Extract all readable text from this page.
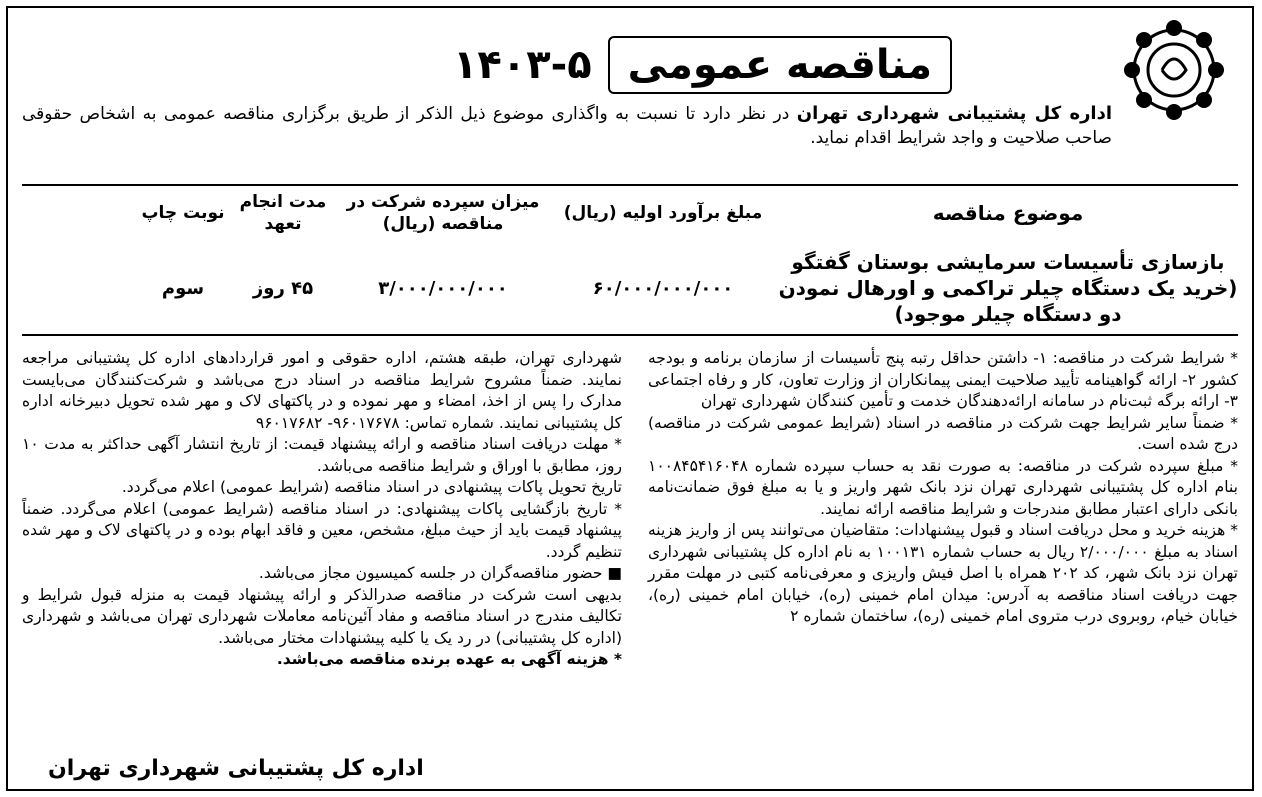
مناقصه عمومی
۱۴۰۳-۵
اداره کل پشتیبانی شهرداری تهران در نظر دارد تا نسبت به واگذاری موضوع ذیل الذکر از طریق برگزاری مناقصه عمومی به اشخاص حقوقی صاحب صلاحیت و واجد شرایط اقدام نماید.
موضوع مناقصه
مبلغ برآورد اولیه (ریال)
میزان سپرده شرکت در مناقصه (ریال)
مدت انجام تعهد
نوبت چاپ
بازسازی تأسیسات سرمایشی بوستان گفتگو (خرید یک دستگاه چیلر تراکمی و اورهال نمودن دو دستگاه چیلر موجود)
۶۰/۰۰۰/۰۰۰/۰۰۰
۳/۰۰۰/۰۰۰/۰۰۰
۴۵ روز
سوم

* شرایط شرکت در مناقصه: ۱- داشتن حداقل رتبه پنج تأسیسات از سازمان برنامه و بودجه کشور ۲- ارائه گواهینامه تأیید صلاحیت ایمنی پیمانکاران از وزارت تعاون، کار و رفاه اجتماعی ۳- ارائه برگه ثبت‌نام در سامانه ارائه‌دهندگان خدمت و تأمین کنندگان شهرداری تهران

* ضمناً سایر شرایط جهت شرکت در مناقصه در اسناد (شرایط عمومی شرکت در مناقصه) درج شده است.

* مبلغ سپرده شرکت در مناقصه: به صورت نقد به حساب سپرده شماره ۱۰۰۸۴۵۴۱۶۰۴۸ بنام اداره کل پشتیبانی شهرداری تهران نزد بانک شهر واریز و یا به مبلغ فوق ضمانت‌نامه بانکی دارای اعتبار مطابق مندرجات و شرایط مناقصه ارائه نمایند.

* هزینه خرید و محل دریافت اسناد و قبول پیشنهادات: متقاضیان می‌توانند پس از واریز هزینه اسناد به مبلغ ۲/۰۰۰/۰۰۰ ریال به حساب شماره ۱۰۰۱۳۱ به نام اداره کل پشتیبانی شهرداری تهران نزد بانک شهر، کد ۲۰۲ همراه با اصل فیش واریزی و معرفی‌نامه کتبی در مهلت مقرر جهت دریافت اسناد مناقصه به آدرس: میدان امام خمینی (ره)، خیابان امام خمینی (ره)، خیابان خیام، روبروی درب متروی امام خمینی (ره)، ساختمان شماره ۲

شهرداری تهران، طبقه هشتم، اداره حقوقی و امور قراردادهای اداره کل پشتیبانی مراجعه نمایند. ضمناً مشروح شرایط مناقصه در اسناد درج می‌باشد و شرکت‌کنندگان می‌بایست مدارک را پس از اخذ، امضاء و مهر نموده و در پاکتهای لاک و مهر شده تحویل دبیرخانه اداره کل پشتیبانی نمایند. شماره تماس: ۹۶۰۱۷۶۷۸- ۹۶۰۱۷۶۸۲

* مهلت دریافت اسناد مناقصه و ارائه پیشنهاد قیمت: از تاریخ انتشار آگهی حداکثر به مدت ۱۰ روز، مطابق با اوراق و شرایط مناقصه می‌باشد.

تاریخ تحویل پاکات پیشنهادی در اسناد مناقصه (شرایط عمومی) اعلام می‌گردد.

* تاریخ بازگشایی پاکات پیشنهادی: در اسناد مناقصه (شرایط عمومی) اعلام می‌گردد. ضمناً پیشنهاد قیمت باید از حیث مبلغ، مشخص، معین و فاقد ابهام بوده و در پاکتهای لاک و مهر شده تنظیم گردد.

■ حضور مناقصه‌گران در جلسه کمیسیون مجاز می‌باشد.

بدیهی است شرکت در مناقصه صدرالذکر و ارائه پیشنهاد قیمت به منزله قبول شرایط و تکالیف مندرج در اسناد مناقصه و مفاد آئین‌نامه معاملات شهرداری تهران می‌باشد و شهرداری (اداره کل پشتیبانی) در رد یک یا کلیه پیشنهادات مختار می‌باشد.

* هزینه آگهی به عهده برنده مناقصه می‌باشد.

اداره کل پشتیبانی شهرداری تهران
